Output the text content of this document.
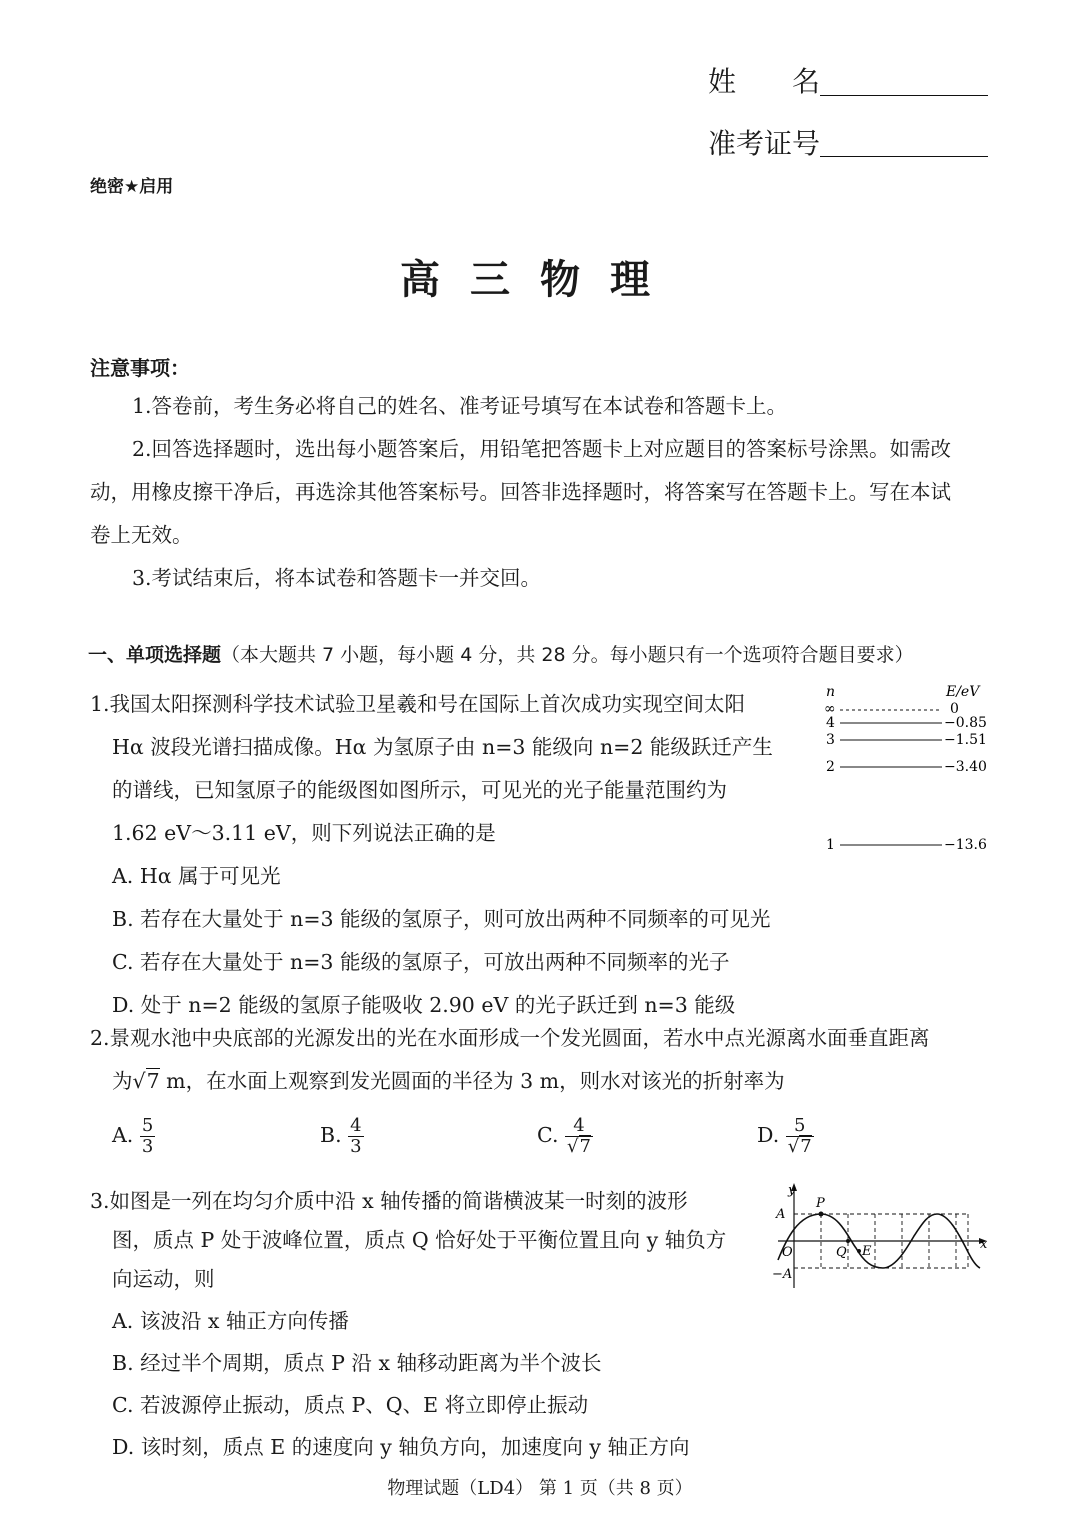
姓　　名
准考证号
绝密★启用
高三物理
注意事项：
1.答卷前，考生务必将自己的姓名、准考证号填写在本试卷和答题卡上。
2.回答选择题时，选出每小题答案后，用铅笔把答题卡上对应题目的答案标号涂黑。如需改
动，用橡皮擦干净后，再选涂其他答案标号。回答非选择题时，将答案写在答题卡上。写在本试
卷上无效。
3.考试结束后，将本试卷和答题卡一并交回。
一、单项选择题（本大题共 7 小题，每小题 4 分，共 28 分。每小题只有一个选项符合题目要求）
1.我国太阳探测科学技术试验卫星羲和号在国际上首次成功实现空间太阳
Hα 波段光谱扫描成像。Hα 为氢原子由 n=3 能级向 n=2 能级跃迁产生
的谱线，已知氢原子的能级图如图所示，可见光的光子能量范围约为
1.62 eV～3.11 eV，则下列说法正确的是
A. Hα 属于可见光
B. 若存在大量处于 n=3 能级的氢原子，则可放出两种不同频率的可见光
C. 若存在大量处于 n=3 能级的氢原子，可放出两种不同频率的光子
D. 处于 n=2 能级的氢原子能吸收 2.90 eV 的光子跃迁到 n=3 能级
n	E/eV
∞	0
4	−0.85
3	−1.51
2	−3.40
1	−13.6
2.景观水池中央底部的光源发出的光在水面形成一个发光圆面，若水中点光源离水面垂直距离
为√7 m，在水面上观察到发光圆面的半径为 3 m，则水对该光的折射率为
A. $\frac{5}{3}$	B. $\frac{4}{3}$	C. $\frac{4}{√7}$	D. $\frac{5}{√7}$
3.如图是一列在均匀介质中沿 x 轴传播的简谐横波某一时刻的波形
图，质点 P 处于波峰位置，质点 Q 恰好处于平衡位置且向 y 轴负方
向运动，则
A. 该波沿 x 轴正方向传播
B. 经过半个周期，质点 P 沿 x 轴移动距离为半个波长
C. 若波源停止振动，质点 P、Q、E 将立即停止振动
D. 该时刻，质点 E 的速度向 y 轴负方向，加速度向 y 轴正方向
y
x
O
A
−A
P
Q E
物理试题（LD4） 第 1 页（共 8 页）
